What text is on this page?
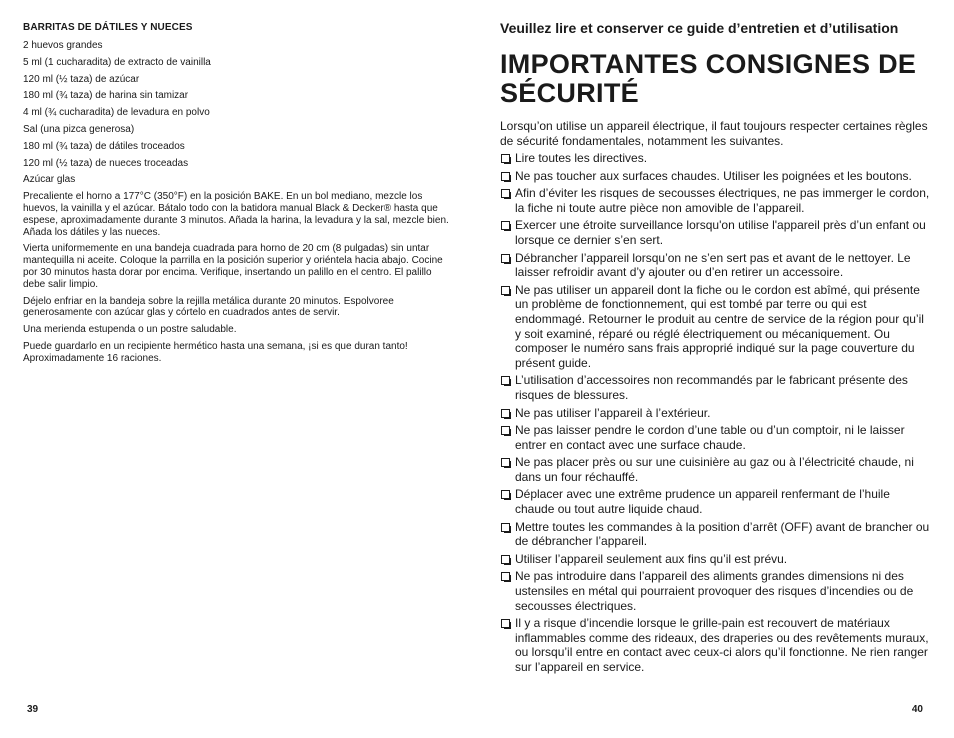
BARRITAS DE DÁTILES Y NUECES
2 huevos grandes
5 ml (1 cucharadita) de extracto de vainilla
120 ml (½ taza) de azúcar
180 ml (¾ taza) de harina sin tamizar
4 ml (¾ cucharadita) de levadura en polvo
Sal (una pizca generosa)
180 ml (¾ taza) de dátiles troceados
120 ml (½ taza) de nueces troceadas
Azúcar glas

Precaliente el horno a 177°C (350°F) en la posición BAKE. En un bol mediano, mezcle los huevos, la vainilla y el azúcar. Bátalo todo con la batidora manual Black & Decker® hasta que espese, aproximadamente durante 3 minutos. Añada la harina, la levadura y la sal, mezcle bien. Añada los dátiles y las nueces.

Vierta uniformemente en una bandeja cuadrada para horno de 20 cm (8 pulgadas) sin untar mantequilla ni aceite. Coloque la parrilla en la posición superior y oriéntela hacia abajo. Cocine por 30 minutos hasta dorar por encima. Verifique, insertando un palillo en el centro. El palillo debe salir limpio.

Déjelo enfriar en la bandeja sobre la rejilla metálica durante 20 minutos. Espolvoree generosamente con azúcar glas y córtelo en cuadrados antes de servir.

Una merienda estupenda o un postre saludable.

Puede guardarlo en un recipiente hermético hasta una semana, ¡si es que duran tanto! Aproximadamente 16 raciones.

39
Veuillez lire et conserver ce guide d’entretien et d’utilisation
IMPORTANTES CONSIGNES DE SÉCURITÉ

Lorsqu’on utilise un appareil électrique, il faut toujours respecter certaines règles de sécurité fondamentales, notamment les suivantes.

Lire toutes les directives.
Ne pas toucher aux surfaces chaudes. Utiliser les poignées et les boutons.
Afin d’éviter les risques de secousses électriques, ne pas immerger le cordon, la fiche ni toute autre pièce non amovible de l’appareil.
Exercer une étroite surveillance lorsqu'on utilise l'appareil près d’un enfant ou lorsque ce dernier s’en sert.
Débrancher l’appareil lorsqu’on ne s’en sert pas et avant de le nettoyer. Le laisser refroidir avant d’y ajouter ou d’en retirer un accessoire.
Ne pas utiliser un appareil dont la fiche ou le cordon est abîmé, qui présente un problème de fonctionnement, qui est tombé par terre ou qui est endommagé. Retourner le produit au centre de service de la région pour qu’il y soit examiné, réparé ou réglé électriquement ou mécaniquement. Ou composer le numéro sans frais approprié indiqué sur la page couverture du présent guide.
L’utilisation d’accessoires non recommandés par le fabricant présente des risques de blessures.
Ne pas utiliser l’appareil à l’extérieur.
Ne pas laisser pendre le cordon d’une table ou d’un comptoir, ni le laisser entrer en contact avec une surface chaude.
Ne pas placer près ou sur une cuisinière au gaz ou à l’électricité chaude, ni dans un four réchauffé.
Déplacer avec une extrême prudence un appareil renfermant de l’huile chaude ou tout autre liquide chaud.
Mettre toutes les commandes à la position d’arrêt (OFF) avant de brancher ou de débrancher l’appareil.
Utiliser l’appareil seulement aux fins qu’il est prévu.
Ne pas introduire dans l’appareil des aliments grandes dimensions ni des ustensiles en métal qui pourraient provoquer des risques d’incendies ou de secousses électriques.
Il y a risque d’incendie lorsque le grille-pain est recouvert de matériaux inflammables comme des rideaux, des draperies ou des revêtements muraux, ou lorsqu’il entre en contact avec ceux-ci alors qu’il fonctionne. Ne rien ranger sur l’appareil en service.
40
